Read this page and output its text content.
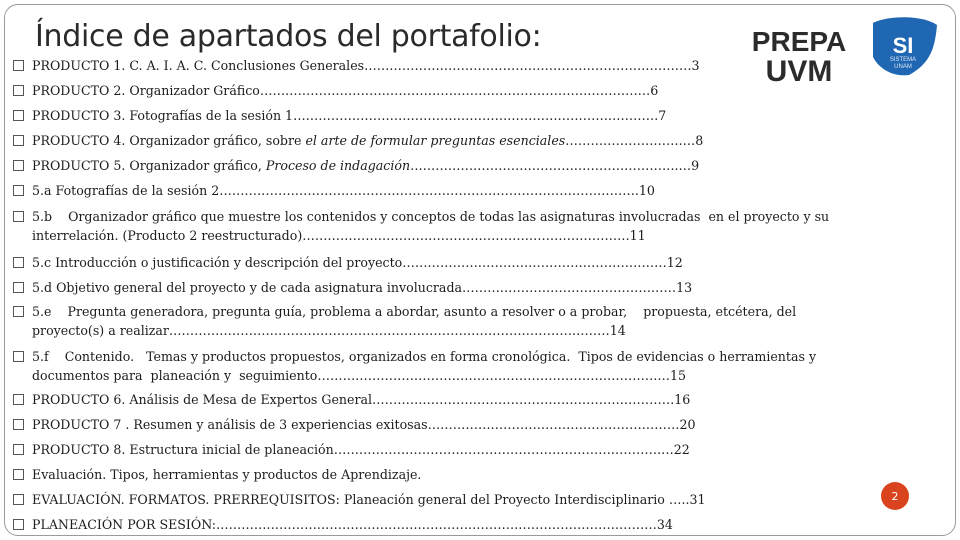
Índice de apartados del portafolio:	PREPA
UVM
SI
SISTEMA
UNAM
PRODUCTO 1. C. A. I. A. C. Conclusiones Generales……………………………………………………………………3
PRODUCTO 2. Organizador Gráfico…………………………………………………………………………………6
PRODUCTO 3. Fotografías de la sesión 1……………………………………………………………………………7
PRODUCTO 4. Organizador gráfico, sobre el arte de formular preguntas esenciales……………………….…8
PRODUCTO 5. Organizador gráfico, Proceso de indagación……………………………………………………….…9
5.a Fotografías de la sesión 2……………………………………………………………………………………….10
5.b    Organizador gráfico que muestre los contenidos y conceptos de todas las asignaturas involucradas  en el proyecto y su interrelación. (Producto 2 reestructurado)……………………………………………………………………11
5.c Introducción o justificación y descripción del proyecto………………………………………………………12
5.d Objetivo general del proyecto y de cada asignatura involucrada……………………………………………13
5.e    Pregunta generadora, pregunta guía, problema a abordar, asunto a resolver o a probar,    propuesta, etcétera, del proyecto(s) a realizar……………………………………………………………………………………………14
5.f    Contenido.   Temas y productos propuestos, organizados en forma cronológica.  Tipos de evidencias o herramientas y documentos para  planeación y  seguimiento…………………………………………………………………………15
PRODUCTO 6. Análisis de Mesa de Expertos General………………………………………………………………16
PRODUCTO 7 . Resumen y análisis de 3 experiencias exitosas……………………………………………………20
PRODUCTO 8. Estructura inicial de planeación………………………………………………………………………22
Evaluación. Tipos, herramientas y productos de Aprendizaje.
EVALUACIÓN. FORMATOS. PRERREQUISITOS: Planeación general del Proyecto Interdisciplinario …..31
PLANEACIÓN POR SESIÓN:……………………………………………………………………………………………34
2
